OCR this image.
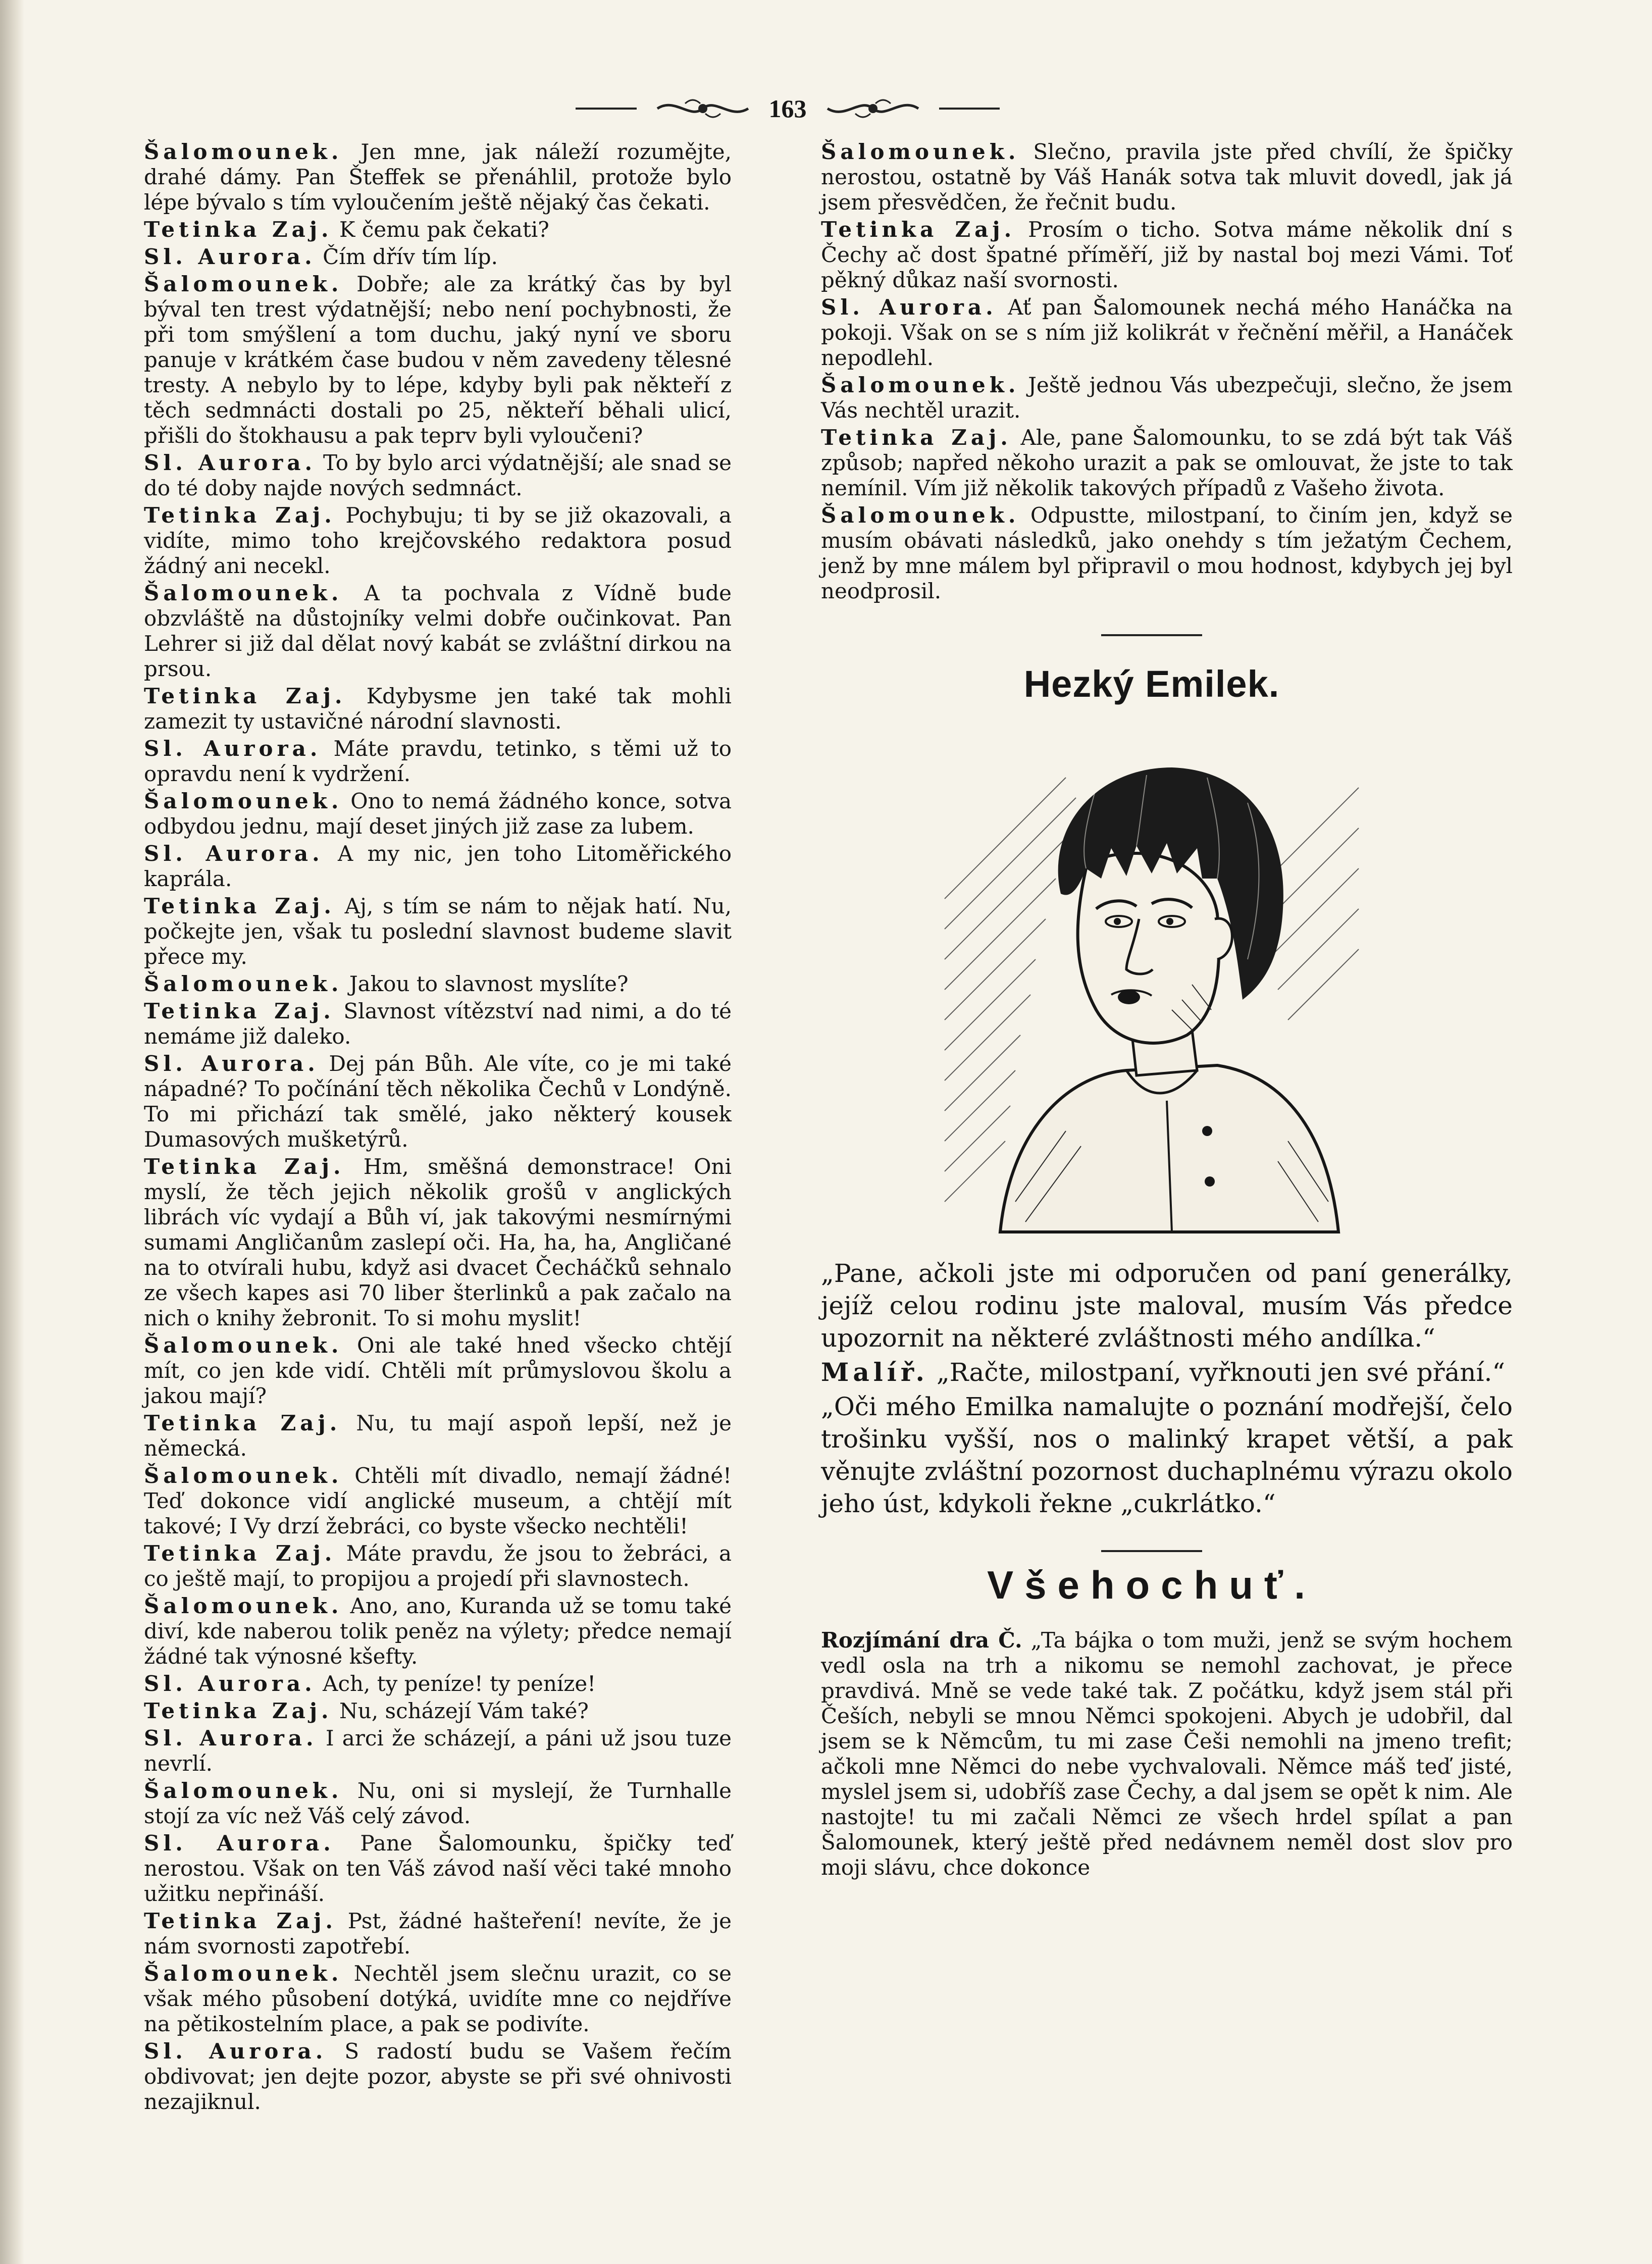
163

Šalomounek. Jen mne, jak náleží rozumějte, drahé dámy. Pan Šteffek se přenáhlil, protože bylo lépe bývalo s tím vyloučením ještě nějaký čas čekati.

Tetinka Zaj. K čemu pak čekati?

Sl. Aurora. Čím dřív tím líp.

Šalomounek. Dobře; ale za krátký čas by byl býval ten trest výdatnější; nebo není pochybnosti, že při tom smýšlení a tom duchu, jaký nyní ve sboru panuje v krátkém čase budou v něm zavedeny tělesné tresty. A nebylo by to lépe, kdyby byli pak někteří z těch sedmnácti dostali po 25, někteří běhali ulicí, přišli do štokhausu a pak teprv byli vyloučeni?

Sl. Aurora. To by bylo arci výdatnější; ale snad se do té doby najde nových sedmnáct.

Tetinka Zaj. Pochybuju; ti by se již okazovali, a vidíte, mimo toho krejčovského redaktora posud žádný ani necekl.

Šalomounek. A ta pochvala z Vídně bude obzvláště na důstojníky velmi dobře oučinkovat. Pan Lehrer si již dal dělat nový kabát se zvláštní dirkou na prsou.

Tetinka Zaj. Kdybysme jen také tak mohli zamezit ty ustavičné národní slavnosti.

Sl. Aurora. Máte pravdu, tetinko, s těmi už to opravdu není k vydržení.

Šalomounek. Ono to nemá žádného konce, sotva odbydou jednu, mají deset jiných již zase za lubem.

Sl. Aurora. A my nic, jen toho Litoměřického kaprála.

Tetinka Zaj. Aj, s tím se nám to nějak hatí. Nu, počkejte jen, však tu poslední slavnost budeme slavit přece my.

Šalomounek. Jakou to slavnost myslíte?

Tetinka Zaj. Slavnost vítězství nad nimi, a do té nemáme již daleko.

Sl. Aurora. Dej pán Bůh. Ale víte, co je mi také nápadné? To počínání těch několika Čechů v Londýně. To mi přichází tak smělé, jako některý kousek Dumasových mušketýrů.

Tetinka Zaj. Hm, směšná demonstrace! Oni myslí, že těch jejich několik grošů v anglických librách víc vydají a Bůh ví, jak takovými nesmírnými sumami Angličanům zaslepí oči. Ha, ha, ha, Angličané na to otvírali hubu, když asi dvacet Čecháčků sehnalo ze všech kapes asi 70 liber šterlinků a pak začalo na nich o knihy žebronit. To si mohu myslit!

Šalomounek. Oni ale také hned všecko chtějí mít, co jen kde vidí. Chtěli mít průmyslovou školu a jakou mají?

Tetinka Zaj. Nu, tu mají aspoň lepší, než je německá.

Šalomounek. Chtěli mít divadlo, nemají žádné! Teď dokonce vidí anglické museum, a chtějí mít takové; I Vy drzí žebráci, co byste všecko nechtěli!

Tetinka Zaj. Máte pravdu, že jsou to žebráci, a co ještě mají, to propijou a projedí při slavnostech.

Šalomounek. Ano, ano, Kuranda už se tomu také diví, kde naberou tolik peněz na výlety; předce nemají žádné tak výnosné kšefty.

Sl. Aurora. Ach, ty peníze! ty peníze!

Tetinka Zaj. Nu, scházejí Vám také?

Sl. Aurora. I arci že scházejí, a páni už jsou tuze nevrlí.

Šalomounek. Nu, oni si myslejí, že Turnhalle stojí za víc než Váš celý závod.

Sl. Aurora. Pane Šalomounku, špičky teď nerostou. Však on ten Váš závod naší věci také mnoho užitku nepřináší.

Tetinka Zaj. Pst, žádné hašteření! nevíte, že je nám svornosti zapotřebí.

Šalomounek. Nechtěl jsem slečnu urazit, co se však mého působení dotýká, uvidíte mne co nejdříve na pětikostelním place, a pak se podivíte.

Sl. Aurora. S radostí budu se Vašem řečím obdivovat; jen dejte pozor, abyste se při své ohnivosti nezajiknul.

Šalomounek. Slečno, pravila jste před chvílí, že špičky nerostou, ostatně by Váš Hanák sotva tak mluvit dovedl, jak já jsem přesvědčen, že řečnit budu.

Tetinka Zaj. Prosím o ticho. Sotva máme několik dní s Čechy ač dost špatné příměří, již by nastal boj mezi Vámi. Toť pěkný důkaz naší svornosti.

Sl. Aurora. Ať pan Šalomounek nechá mého Hanáčka na pokoji. Však on se s ním již kolikrát v řečnění měřil, a Hanáček nepodlehl.

Šalomounek. Ještě jednou Vás ubezpečuji, slečno, že jsem Vás nechtěl urazit.

Tetinka Zaj. Ale, pane Šalomounku, to se zdá být tak Váš způsob; napřed někoho urazit a pak se omlouvat, že jste to tak nemínil. Vím již několik takových případů z Vašeho života.

Šalomounek. Odpustte, milostpaní, to činím jen, když se musím obávati následků, jako onehdy s tím ježatým Čechem, jenž by mne málem byl připravil o mou hodnost, kdybych jej byl neodprosil.

Hezký Emilek.

„Pane, ačkoli jste mi odporučen od paní generálky, jejíž celou rodinu jste maloval, musím Vás předce upozornit na některé zvláštnosti mého andílka.“

Malíř. „Račte, milostpaní, vyřknouti jen své přání.“

„Oči mého Emilka namalujte o poznání modřejší, čelo trošinku vyšší, nos o malinký krapet větší, a pak věnujte zvláštní pozornost duchaplnému výrazu okolo jeho úst, kdykoli řekne „cukrlátko.“

Všehochuť.

Rozjímání dra Č. „Ta bájka o tom muži, jenž se svým hochem vedl osla na trh a nikomu se nemohl zachovat, je přece pravdivá. Mně se vede také tak. Z počátku, když jsem stál při Češích, nebyli se mnou Němci spokojeni. Abych je udobřil, dal jsem se k Němcům, tu mi zase Češi nemohli na jmeno trefit; ačkoli mne Němci do nebe vychvalovali. Němce máš teď jisté, myslel jsem si, udobříš zase Čechy, a dal jsem se opět k nim. Ale nastojte! tu mi začali Němci ze všech hrdel spílat a pan Šalomounek, který ještě před nedávnem neměl dost slov pro moji slávu, chce dokonce
